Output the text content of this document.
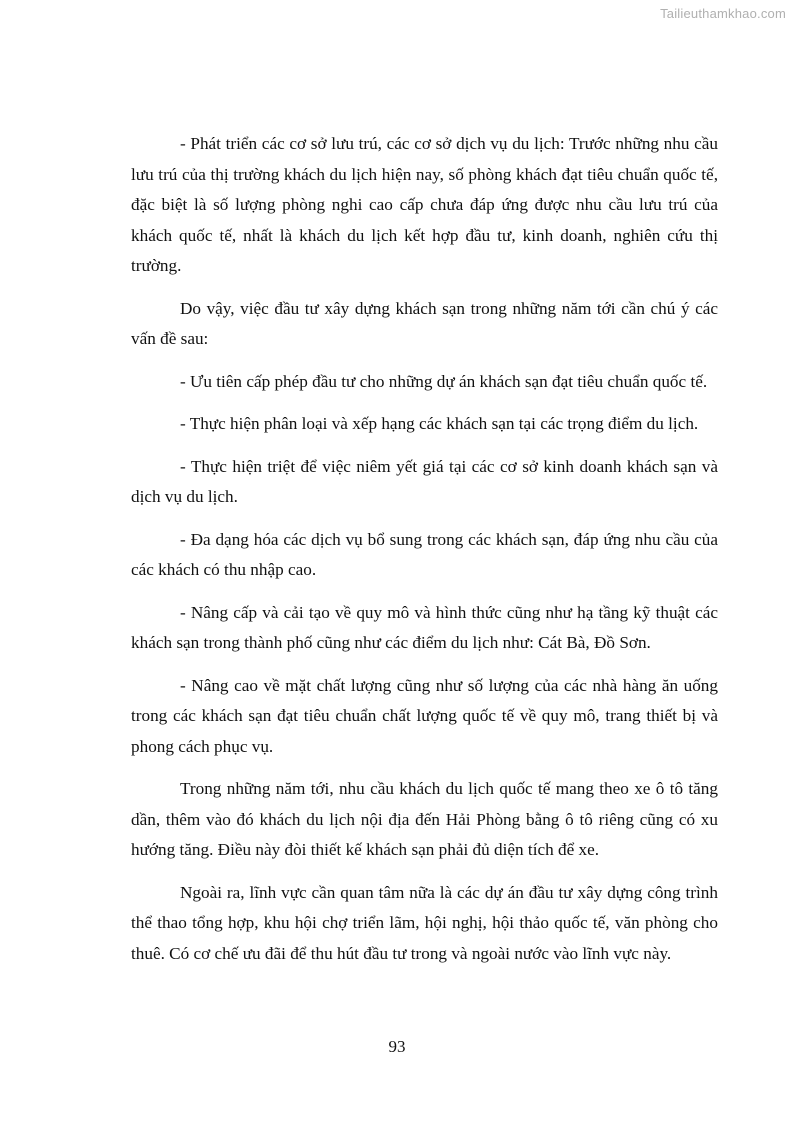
Tailieuthamkhao.com

- Phát triển các cơ sở lưu trú, các cơ sở dịch vụ du lịch: Trước những nhu cầu lưu trú của thị trường khách du lịch hiện nay, số phòng khách đạt tiêu chuẩn quốc tế, đặc biệt là số lượng phòng nghi cao cấp chưa đáp ứng được nhu cầu lưu trú của khách quốc tế, nhất là khách du lịch kết hợp đầu tư, kinh doanh, nghiên cứu thị trường.

Do vậy, việc đầu tư xây dựng khách sạn trong những năm tới cần chú ý các vấn đề sau:

- Ưu tiên cấp phép đầu tư cho những dự án khách sạn đạt tiêu chuẩn quốc tế.

- Thực hiện phân loại và xếp hạng các khách sạn tại các trọng điểm du lịch.

- Thực hiện triệt để việc niêm yết giá tại các cơ sở kinh doanh khách sạn và dịch vụ du lịch.

- Đa dạng hóa các dịch vụ bổ sung trong các khách sạn, đáp ứng nhu cầu của các khách có thu nhập cao.

- Nâng cấp và cải tạo về quy mô và hình thức cũng như hạ tầng kỹ thuật các khách sạn trong thành phố cũng như các điểm du lịch như: Cát Bà, Đồ Sơn.

- Nâng cao về mặt chất lượng cũng như số lượng của các nhà hàng ăn uống trong các khách sạn đạt tiêu chuẩn chất lượng quốc tế về quy mô, trang thiết bị và phong cách phục vụ.

Trong những năm tới, nhu cầu khách du lịch quốc tế mang theo xe ô tô tăng dần, thêm vào đó khách du lịch nội địa đến Hải Phòng bằng ô tô riêng cũng có xu hướng tăng. Điều này đòi thiết kế khách sạn phải đủ diện tích để xe.

Ngoài ra, lĩnh vực cần quan tâm nữa là các dự án đầu tư xây dựng công trình thể thao tổng hợp, khu hội chợ triển lãm, hội nghị, hội thảo quốc tế, văn phòng cho thuê. Có cơ chế ưu đãi để thu hút đầu tư trong và ngoài nước vào lĩnh vực này.

93
